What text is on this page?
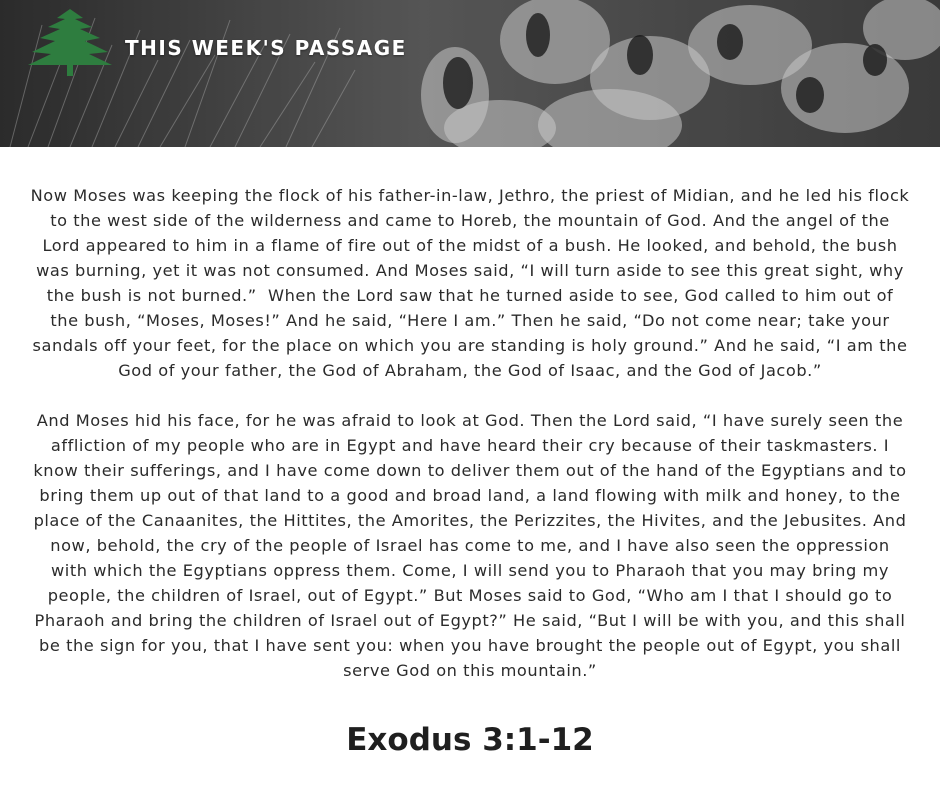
THIS WEEK'S PASSAGE

Now Moses was keeping the flock of his father-in-law, Jethro, the priest of Midian, and he led his flock to the west side of the wilderness and came to Horeb, the mountain of God. And the angel of the Lord appeared to him in a flame of fire out of the midst of a bush. He looked, and behold, the bush was burning, yet it was not consumed. And Moses said, “I will turn aside to see this great sight, why the bush is not burned.”  When the Lord saw that he turned aside to see, God called to him out of the bush, “Moses, Moses!” And he said, “Here I am.” Then he said, “Do not come near; take your sandals off your feet, for the place on which you are standing is holy ground.” And he said, “I am the God of your father, the God of Abraham, the God of Isaac, and the God of Jacob.”

And Moses hid his face, for he was afraid to look at God. Then the Lord said, “I have surely seen the affliction of my people who are in Egypt and have heard their cry because of their taskmasters. I know their sufferings, and I have come down to deliver them out of the hand of the Egyptians and to bring them up out of that land to a good and broad land, a land flowing with milk and honey, to the place of the Canaanites, the Hittites, the Amorites, the Perizzites, the Hivites, and the Jebusites. And now, behold, the cry of the people of Israel has come to me, and I have also seen the oppression with which the Egyptians oppress them. Come, I will send you to Pharaoh that you may bring my people, the children of Israel, out of Egypt.” But Moses said to God, “Who am I that I should go to Pharaoh and bring the children of Israel out of Egypt?” He said, “But I will be with you, and this shall be the sign for you, that I have sent you: when you have brought the people out of Egypt, you shall serve God on this mountain.”

Exodus 3:1-12
